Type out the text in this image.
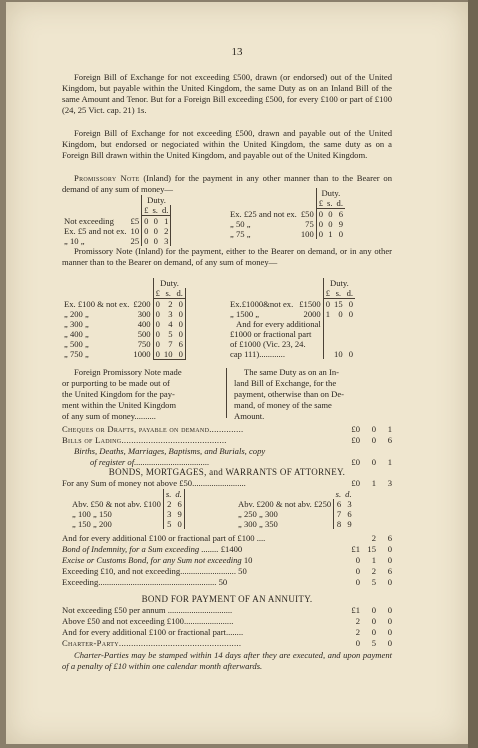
13

Foreign Bill of Exchange for not exceeding £500, drawn (or endorsed) out of the United Kingdom, but payable within the United Kingdom, the same Duty as on an Inland Bill of the same Amount and Tenor. But for a Foreign Bill exceeding £500, for every £100 or part of £100 (24, 25 Vict. cap. 21) 1s.

Foreign Bill of Exchange for not exceeding £500, drawn and payable out of the United Kingdom, but endorsed or negociated within the United Kingdom, the same duty as on a Foreign Bill drawn within the United Kingdom, and payable out of the United Kingdom.

Promissory Note (Inland) for the payment in any other manner than to the Bearer on demand of any sum of money—

		Duty.		
		£	s.	d.
Not exceeding	£5	0	0	1
Ex. £5 and not ex.	10	0	0	2
„ 10 „	25	0	0	3
		Duty.		
		£	s.	d.
Ex. £25 and not ex.	£50	0	0	6
„ 50 „	75	0	0	9
„ 75 „	100	0	1	0

Promissory Note (Inland) for the payment, either to the Bearer on demand, or in any other manner than to the Bearer on demand, of any sum of money—

		Duty.		
		£	s.	d.
Ex. £100 & not ex.	£200	0	2	0
„ 200 „	300	0	3	0
„ 300 „	400	0	4	0
„ 400 „	500	0	5	0
„ 500 „	750	0	7	6
„ 750 „	1000	0	10	0
		Duty.		
		£	s.	d.
Ex.£1000&not ex.	£1500	0	15	0
„ 1500 „	2000	1	0	0
And for every additional				
£1000 or fractional part				
of £1000 (Vic. 23, 24.				
cap 111)............			10	0
Foreign Promissory Note made
or purporting to be made out of
the United Kingdom for the pay-
ment within the United Kingdom
of any sum of money..........
The same Duty as on an In-
land Bill of Exchange, for the
payment, otherwise than on De-
mand, of money of the same
Amount.
Cheques or Drafts, payable on demand..............	£0	0	1
Bills of Lading...........................................	£0	0	6
Births, Deaths, Marriages, Baptisms, and Burials, copy
of register of...................................	£0	0	1
BONDS, MORTGAGES, and WARRANTS OF ATTORNEY.
For any Sum of money not above £50.........................	£0	1	3
	s.	d.
Abv. £50 & not abv. £100	2	6
„ 100 „ 150	3	9
„ 150 „ 200	5	0
	s.	d.
Abv. £200 & not abv. £250	6	3
„ 250 „ 300	7	6
„ 300 „ 350	8	9
And for every additional £100 or fractional part of £100 ....	2	6
Bond of Indemnity, for a Sum exceeding ........ £1400	£1 15	0
Excise or Customs Bond, for any Sum not exceeding 10	0	1	0
Exceeding £10, and not exceeding.......................... 50	0	2	6
Exceeding....................................................... 50	0	5	0
BOND FOR PAYMENT OF AN ANNUITY.
Not exceeding £50 per annum ..............................	£1	0	0
Above £50 and not exceeding £100.......................	2	0	0
And for every additional £100 or fractional part........	2	0	0
Charter-Party..................................................	0	5	0

Charter-Parties may be stamped within 14 days after they are executed, and upon payment of a penalty of £10 within one calendar month afterwards.
